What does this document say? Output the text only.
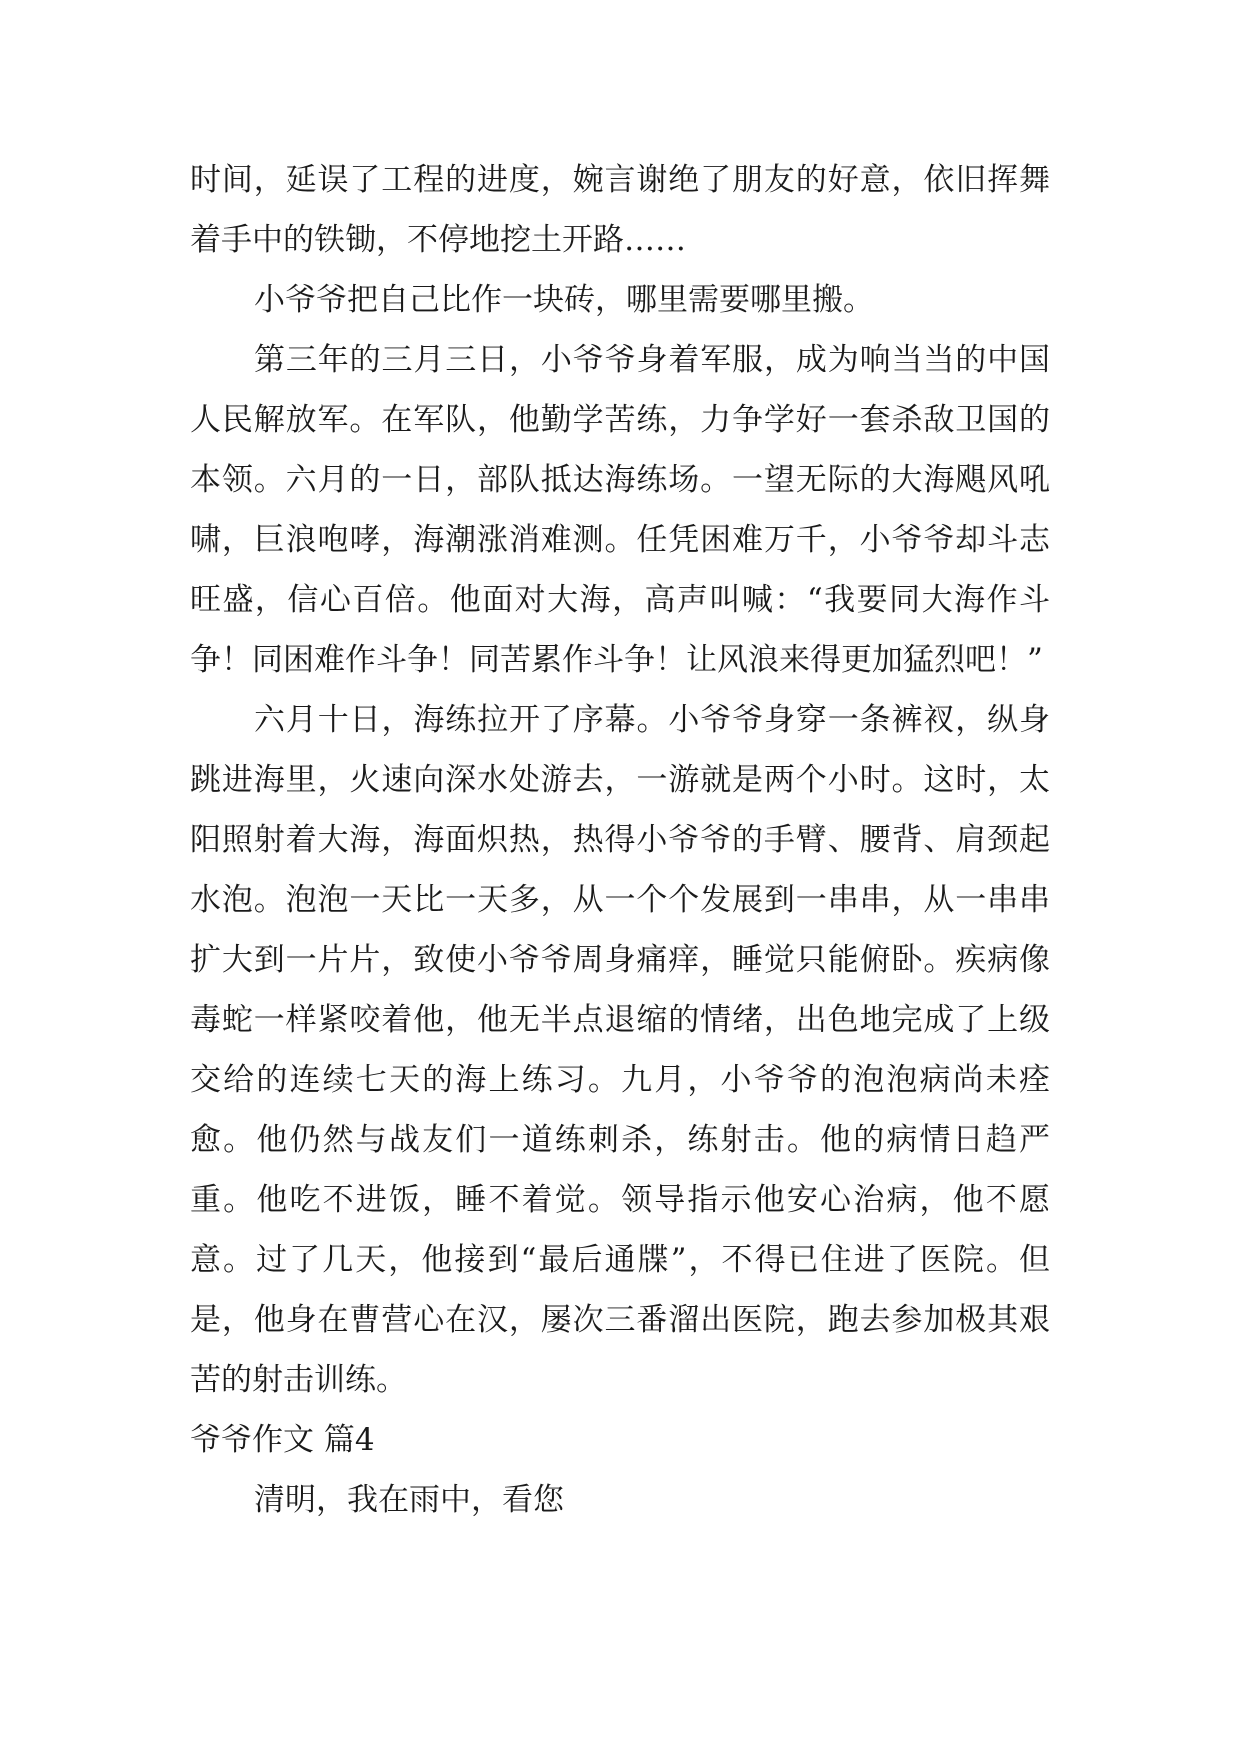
时间，延误了工程的进度，婉言谢绝了朋友的好意，依旧挥舞着手中的铁锄，不停地挖土开路……

小爷爷把自己比作一块砖，哪里需要哪里搬。

第三年的三月三日，小爷爷身着军服，成为响当当的中国人民解放军。在军队，他勤学苦练，力争学好一套杀敌卫国的本领。六月的一日，部队抵达海练场。一望无际的大海飓风吼啸，巨浪咆哮，海潮涨消难测。任凭困难万千，小爷爷却斗志旺盛，信心百倍。他面对大海，高声叫喊：“我要同大海作斗争！同困难作斗争！同苦累作斗争！让风浪来得更加猛烈吧！”

六月十日，海练拉开了序幕。小爷爷身穿一条裤衩，纵身跳进海里，火速向深水处游去，一游就是两个小时。这时，太阳照射着大海，海面炽热，热得小爷爷的手臂、腰背、肩颈起水泡。泡泡一天比一天多，从一个个发展到一串串，从一串串扩大到一片片，致使小爷爷周身痛痒，睡觉只能俯卧。疾病像毒蛇一样紧咬着他，他无半点退缩的情绪，出色地完成了上级交给的连续七天的海上练习。九月，小爷爷的泡泡病尚未痊愈。他仍然与战友们一道练刺杀，练射击。他的病情日趋严重。他吃不进饭，睡不着觉。领导指示他安心治病，他不愿意。过了几天，他接到“最后通牒”，不得已住进了医院。但是，他身在曹营心在汉，屡次三番溜出医院，跑去参加极其艰苦的射击训练。

爷爷作文 篇4

清明，我在雨中，看您
